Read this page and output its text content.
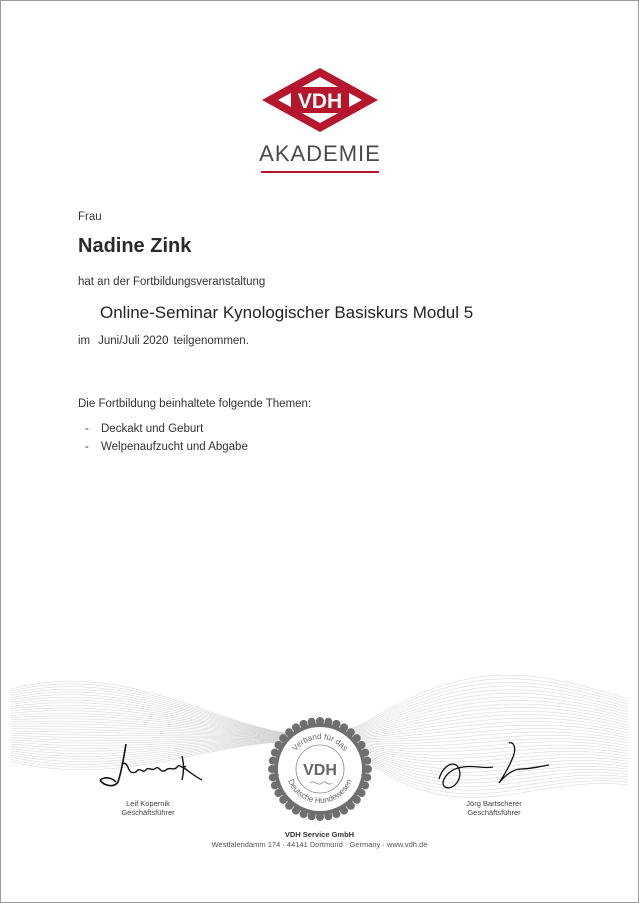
VDH
AKADEMIE
Frau
Nadine Zink
hat an der Fortbildungsveranstaltung
Online-Seminar Kynologischer Basiskurs Modul 5
im Juni/Juli 2020 teilgenommen.
Die Fortbildung beinhaltete folgende Themen:
- Deckakt und Geburt
- Welpenaufzucht und Abgabe
Leif Kopernik
Geschäftsführer
Jörg Bartscherer
Geschäftsführer
Verband für das
Deutsche Hundewesen
VDH
VDH Service GmbH
Westfalendamm 174 · 44141 Dortmund · Germany · www.vdh.de
